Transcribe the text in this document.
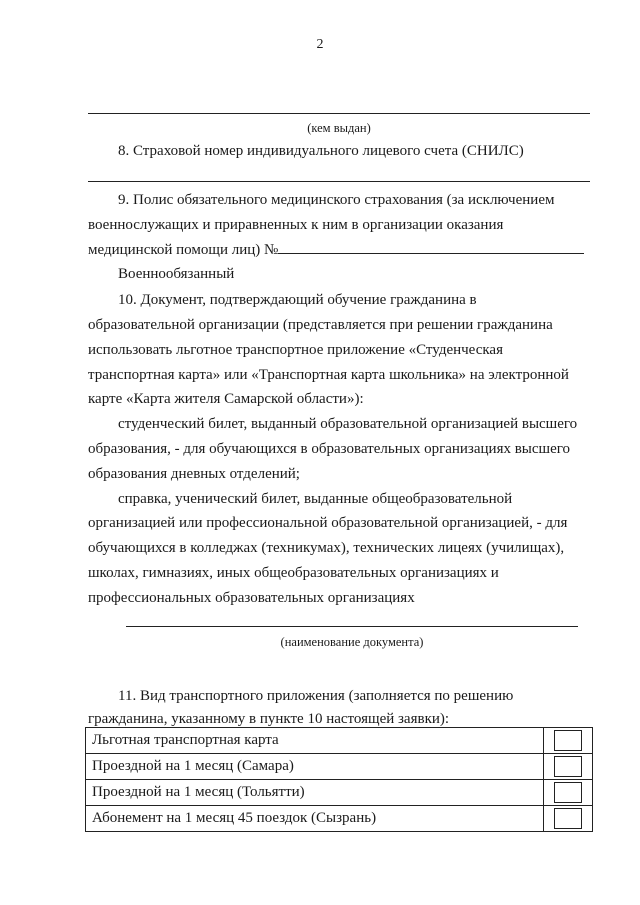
2
(кем выдан)
8. Страховой номер индивидуального лицевого счета (СНИЛС)
9. Полис обязательного медицинского страхования (за исключением
военнослужащих и приравненных к ним в организации оказания
медицинской помощи лиц) №
Военнообязанный
10. Документ, подтверждающий обучение гражданина в
образовательной организации (представляется при решении гражданина
использовать льготное транспортное приложение «Студенческая
транспортная карта» или «Транспортная карта школьника» на электронной
карте «Карта жителя Самарской области»):
студенческий билет, выданный образовательной организацией высшего
образования, - для обучающихся в образовательных организациях высшего
образования дневных отделений;
справка, ученический билет, выданные общеобразовательной
организацией или профессиональной образовательной организацией, - для
обучающихся в колледжах (техникумах), технических лицеях (училищах),
школах, гимназиях, иных общеобразовательных организациях и
профессиональных образовательных организациях
(наименование документа)
11. Вид транспортного приложения (заполняется по решению
гражданина, указанному в пункте 10 настоящей заявки):
Льготная транспортная карта	
Проездной на 1 месяц (Самара)	
Проездной на 1 месяц (Тольятти)	
Абонемент на 1 месяц 45 поездок (Сызрань)	
